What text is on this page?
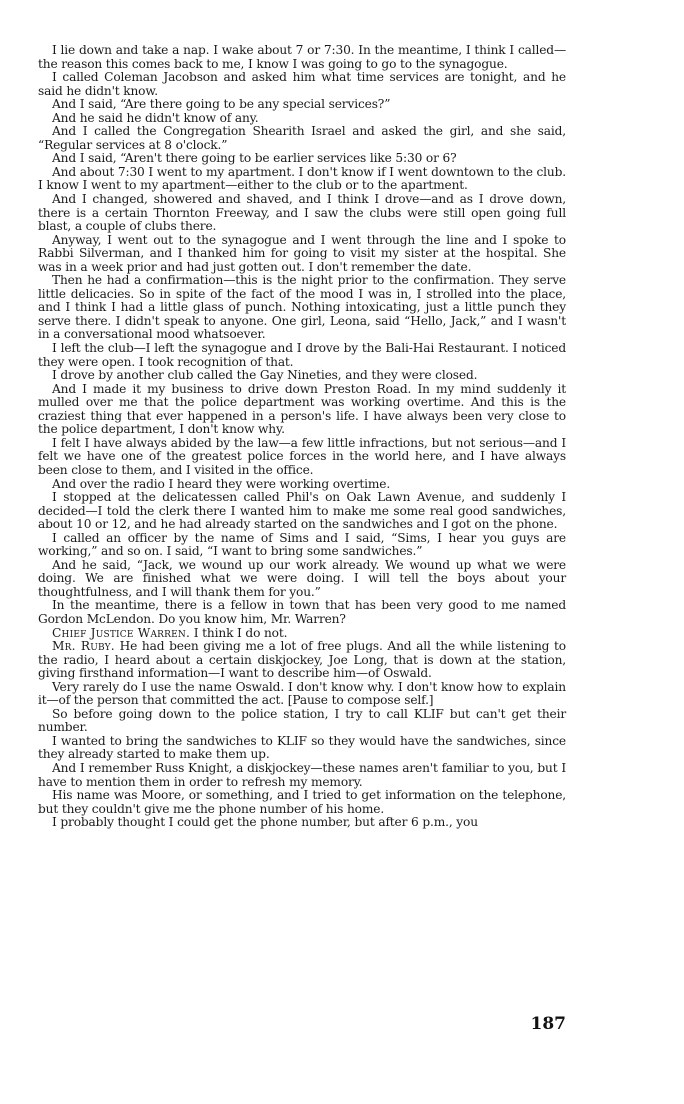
I lie down and take a nap. I wake about 7 or 7:30. In the meantime, I think I called—the reason this comes back to me, I know I was going to go to the synagogue.

I called Coleman Jacobson and asked him what time services are tonight, and he said he didn't know.

And I said, “Are there going to be any special services?”

And he said he didn't know of any.

And I called the Congregation Shearith Israel and asked the girl, and she said, “Regular services at 8 o'clock.”

And I said, “Aren't there going to be earlier services like 5:30 or 6?

And about 7:30 I went to my apartment. I don't know if I went downtown to the club. I know I went to my apartment—either to the club or to the apartment.

And I changed, showered and shaved, and I think I drove—and as I drove down, there is a certain Thornton Freeway, and I saw the clubs were still open going full blast, a couple of clubs there.

Anyway, I went out to the synagogue and I went through the line and I spoke to Rabbi Silverman, and I thanked him for going to visit my sister at the hospital. She was in a week prior and had just gotten out. I don't remember the date.

Then he had a confirmation—this is the night prior to the confirmation. They serve little delicacies. So in spite of the fact of the mood I was in, I strolled into the place, and I think I had a little glass of punch. Nothing intoxicating, just a little punch they serve there. I didn't speak to anyone. One girl, Leona, said “Hello, Jack,” and I wasn't in a conversational mood whatsoever.

I left the club—I left the synagogue and I drove by the Bali-Hai Restaurant. I noticed they were open. I took recognition of that.

I drove by another club called the Gay Nineties, and they were closed.

And I made it my business to drive down Preston Road. In my mind suddenly it mulled over me that the police department was working overtime. And this is the craziest thing that ever happened in a person's life. I have always been very close to the police department, I don't know why.

I felt I have always abided by the law—a few little infractions, but not serious—and I felt we have one of the greatest police forces in the world here, and I have always been close to them, and I visited in the office.

And over the radio I heard they were working overtime.

I stopped at the delicatessen called Phil's on Oak Lawn Avenue, and suddenly I decided—I told the clerk there I wanted him to make me some real good sandwiches, about 10 or 12, and he had already started on the sandwiches and I got on the phone.

I called an officer by the name of Sims and I said, “Sims, I hear you guys are working,” and so on. I said, “I want to bring some sandwiches.”

And he said, “Jack, we wound up our work already. We wound up what we were doing. We are finished what we were doing. I will tell the boys about your thoughtfulness, and I will thank them for you.”

In the meantime, there is a fellow in town that has been very good to me named Gordon McLendon. Do you know him, Mr. Warren?

Chief Justice Warren. I think I do not.

Mr. Ruby. He had been giving me a lot of free plugs. And all the while listening to the radio, I heard about a certain diskjockey, Joe Long, that is down at the station, giving firsthand information—I want to describe him—of Oswald.

Very rarely do I use the name Oswald. I don't know why. I don't know how to explain it—of the person that committed the act. [Pause to compose self.]

So before going down to the police station, I try to call KLIF but can't get their number.

I wanted to bring the sandwiches to KLIF so they would have the sandwiches, since they already started to make them up.

And I remember Russ Knight, a diskjockey—these names aren't familiar to you, but I have to mention them in order to refresh my memory.

His name was Moore, or something, and I tried to get information on the telephone, but they couldn't give me the phone number of his home.

I probably thought I could get the phone number, but after 6 p.m., you

187
